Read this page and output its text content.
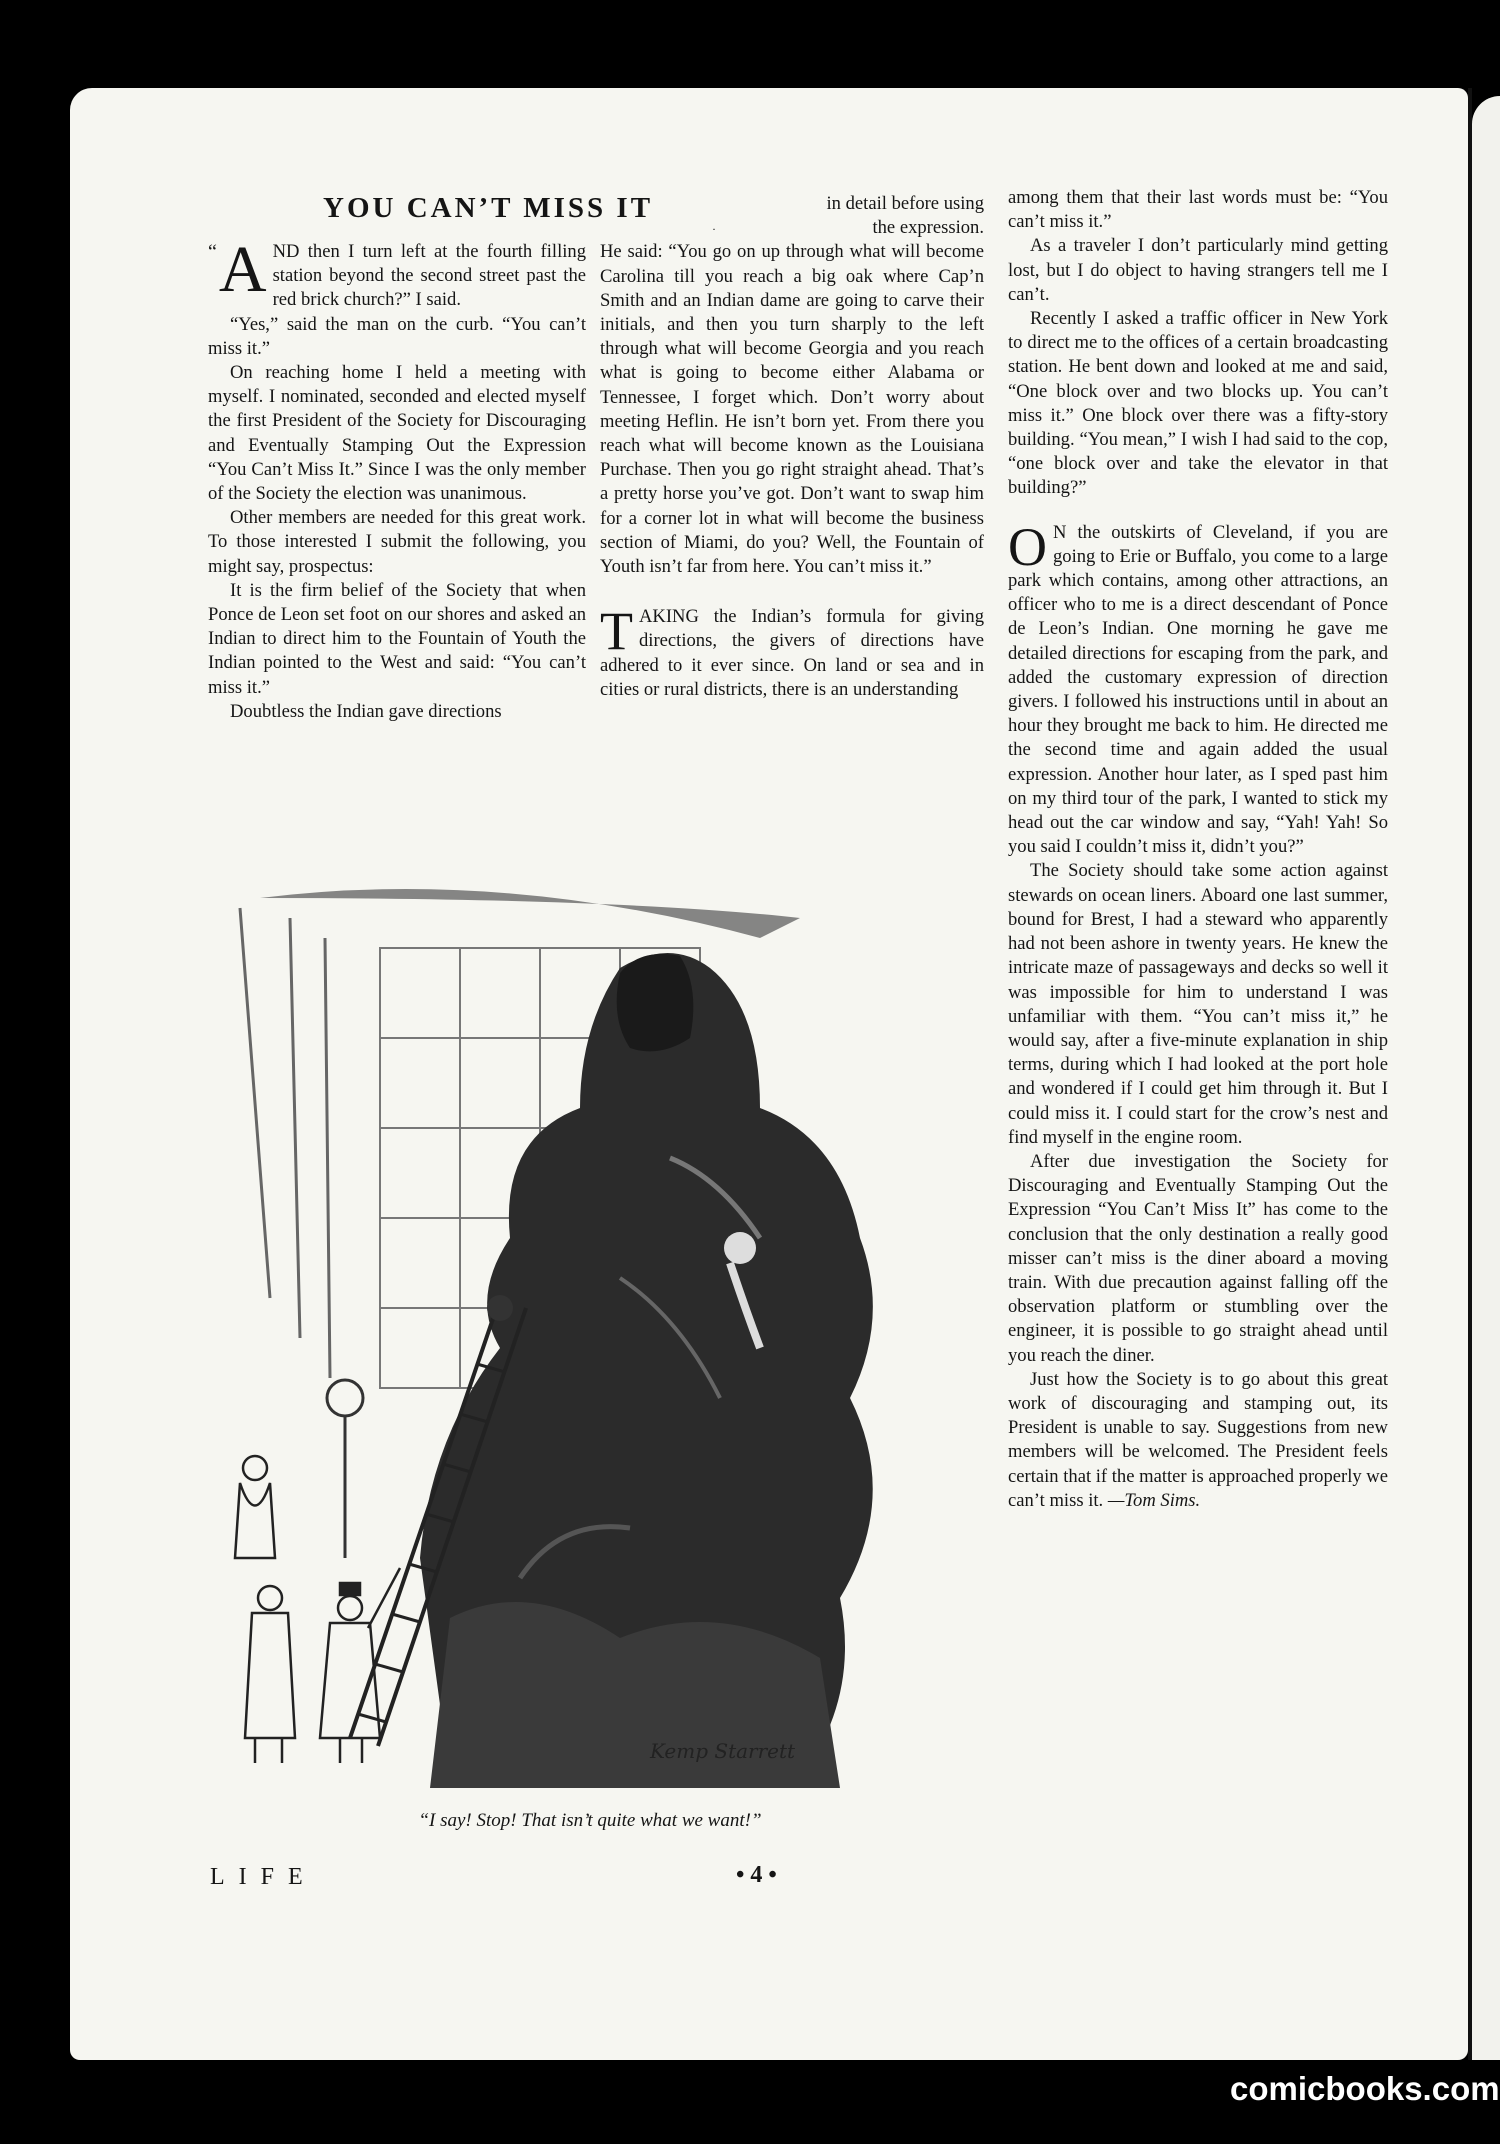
YOU CAN’T MISS IT
·

“ A ND then I turn left at the fourth filling station beyond the second street past the red brick church?” I said.

“Yes,” said the man on the curb. “You can’t miss it.”

On reaching home I held a meeting with myself. I nominated, seconded and elected myself the first President of the Society for Discouraging and Eventually Stamping Out the Expression “You Can’t Miss It.” Since I was the only member of the Society the election was unanimous.

Other members are needed for this great work. To those interested I submit the following, you might say, prospectus:

It is the firm belief of the Society that when Ponce de Leon set foot on our shores and asked an Indian to direct him to the Fountain of Youth the Indian pointed to the West and said: “You can’t miss it.”

Doubtless the Indian gave directions

in detail before using the expression.

He said: “You go on up through what will become Carolina till you reach a big oak where Cap’n Smith and an Indian dame are going to carve their initials, and then you turn sharply to the left through what will become Georgia and you reach what is going to become either Alabama or Tennessee, I forget which. Don’t worry about meeting Heflin. He isn’t born yet. From there you reach what will become known as the Louisiana Purchase. Then you go right straight ahead. That’s a pretty horse you’ve got. Don’t want to swap him for a corner lot in what will become the business section of Miami, do you? Well, the Fountain of Youth isn’t far from here. You can’t miss it.”

TAKING the Indian’s formula for giving directions, the givers of directions have adhered to it ever since. On land or sea and in cities or rural districts, there is an understanding

among them that their last words must be: “You can’t miss it.”

As a traveler I don’t particularly mind getting lost, but I do object to having strangers tell me I can’t.

Recently I asked a traffic officer in New York to direct me to the offices of a certain broadcasting station. He bent down and looked at me and said, “One block over and two blocks up. You can’t miss it.” One block over there was a fifty-story building. “You mean,” I wish I had said to the cop, “one block over and take the elevator in that building?”

O N the outskirts of Cleveland, if you are going to Erie or Buffalo, you come to a large park which contains, among other attractions, an officer who to me is a direct descendant of Ponce de Leon’s Indian. One morning he gave me detailed directions for escaping from the park, and added the customary expression of direction givers. I followed his instructions until in about an hour they brought me back to him. He directed me the second time and again added the usual expression. Another hour later, as I sped past him on my third tour of the park, I wanted to stick my head out the car window and say, “Yah! Yah! So you said I couldn’t miss it, didn’t you?”

The Society should take some action against stewards on ocean liners. Aboard one last summer, bound for Brest, I had a steward who apparently had not been ashore in twenty years. He knew the intricate maze of passageways and decks so well it was impossible for him to understand I was unfamiliar with them. “You can’t miss it,” he would say, after a five-minute explanation in ship terms, during which I had looked at the port hole and wondered if I could get him through it. But I could miss it. I could start for the crow’s nest and find myself in the engine room.

After due investigation the Society for Discouraging and Eventually Stamping Out the Expression “You Can’t Miss It” has come to the conclusion that the only destination a really good misser can’t miss is the diner aboard a moving train. With due precaution against falling off the observation platform or stumbling over the engineer, it is possible to go straight ahead until you reach the diner.

Just how the Society is to go about this great work of discouraging and stamping out, its President is unable to say. Suggestions from new members will be welcomed. The President feels certain that if the matter is approached properly we can’t miss it. —Tom Sims.

Kemp Starrett
“I say! Stop! That isn’t quite what we want!”
LIFE	• 4 •
comicbooks.com
